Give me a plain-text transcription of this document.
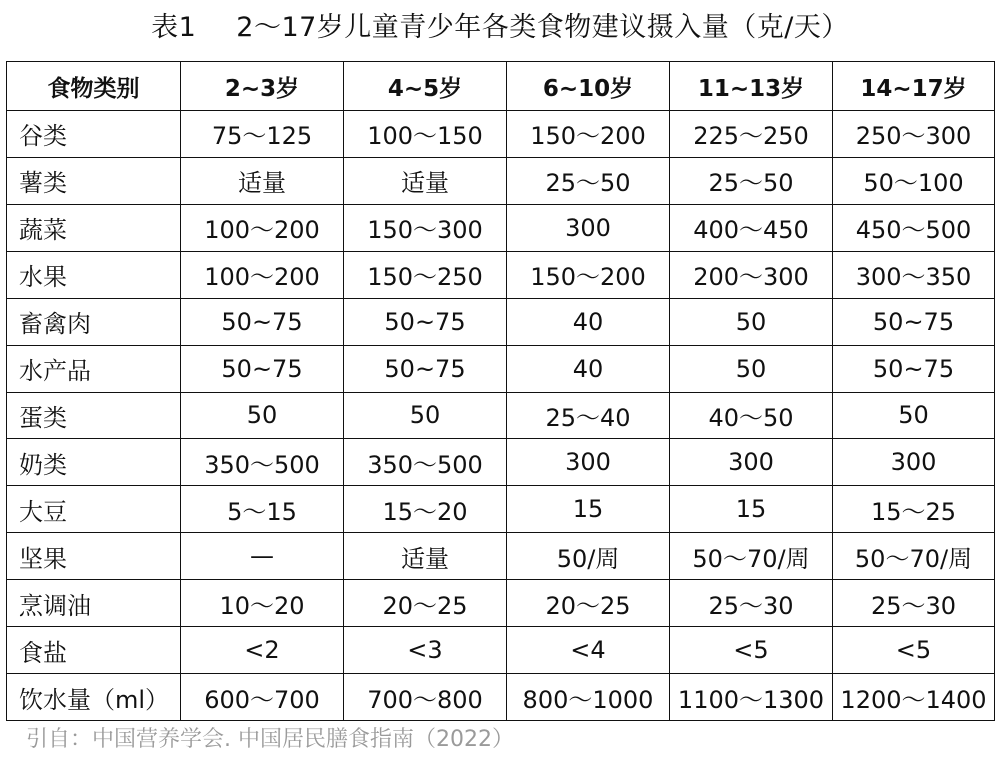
表1 2～17岁儿童青少年各类食物建议摄入量（克/天）
食物类别	2~3岁	4~5岁	6~10岁	11~13岁	14~17岁
谷类	75～125	100～150	150～200	225～250	250～300
薯类	适量	适量	25～50	25～50	50～100
蔬菜	100～200	150～300	300	400～450	450～500
水果	100～200	150～250	150～200	200～300	300～350
畜禽肉	50~75	50~75	40	50	50~75
水产品	50~75	50~75	40	50	50~75
蛋类	50	50	25～40	40～50	50
奶类	350～500	350～500	300	300	300
大豆	5～15	15～20	15	15	15～25
坚果	—	适量	50/周	50～70/周	50～70/周
烹调油	10～20	20～25	20～25	25～30	25～30
食盐	<2	<3	<4	<5	<5
饮水量（ml）	600～700	700～800	800～1000	1100～1300	1200～1400
引自：中国营养学会. 中国居民膳食指南（2022）
